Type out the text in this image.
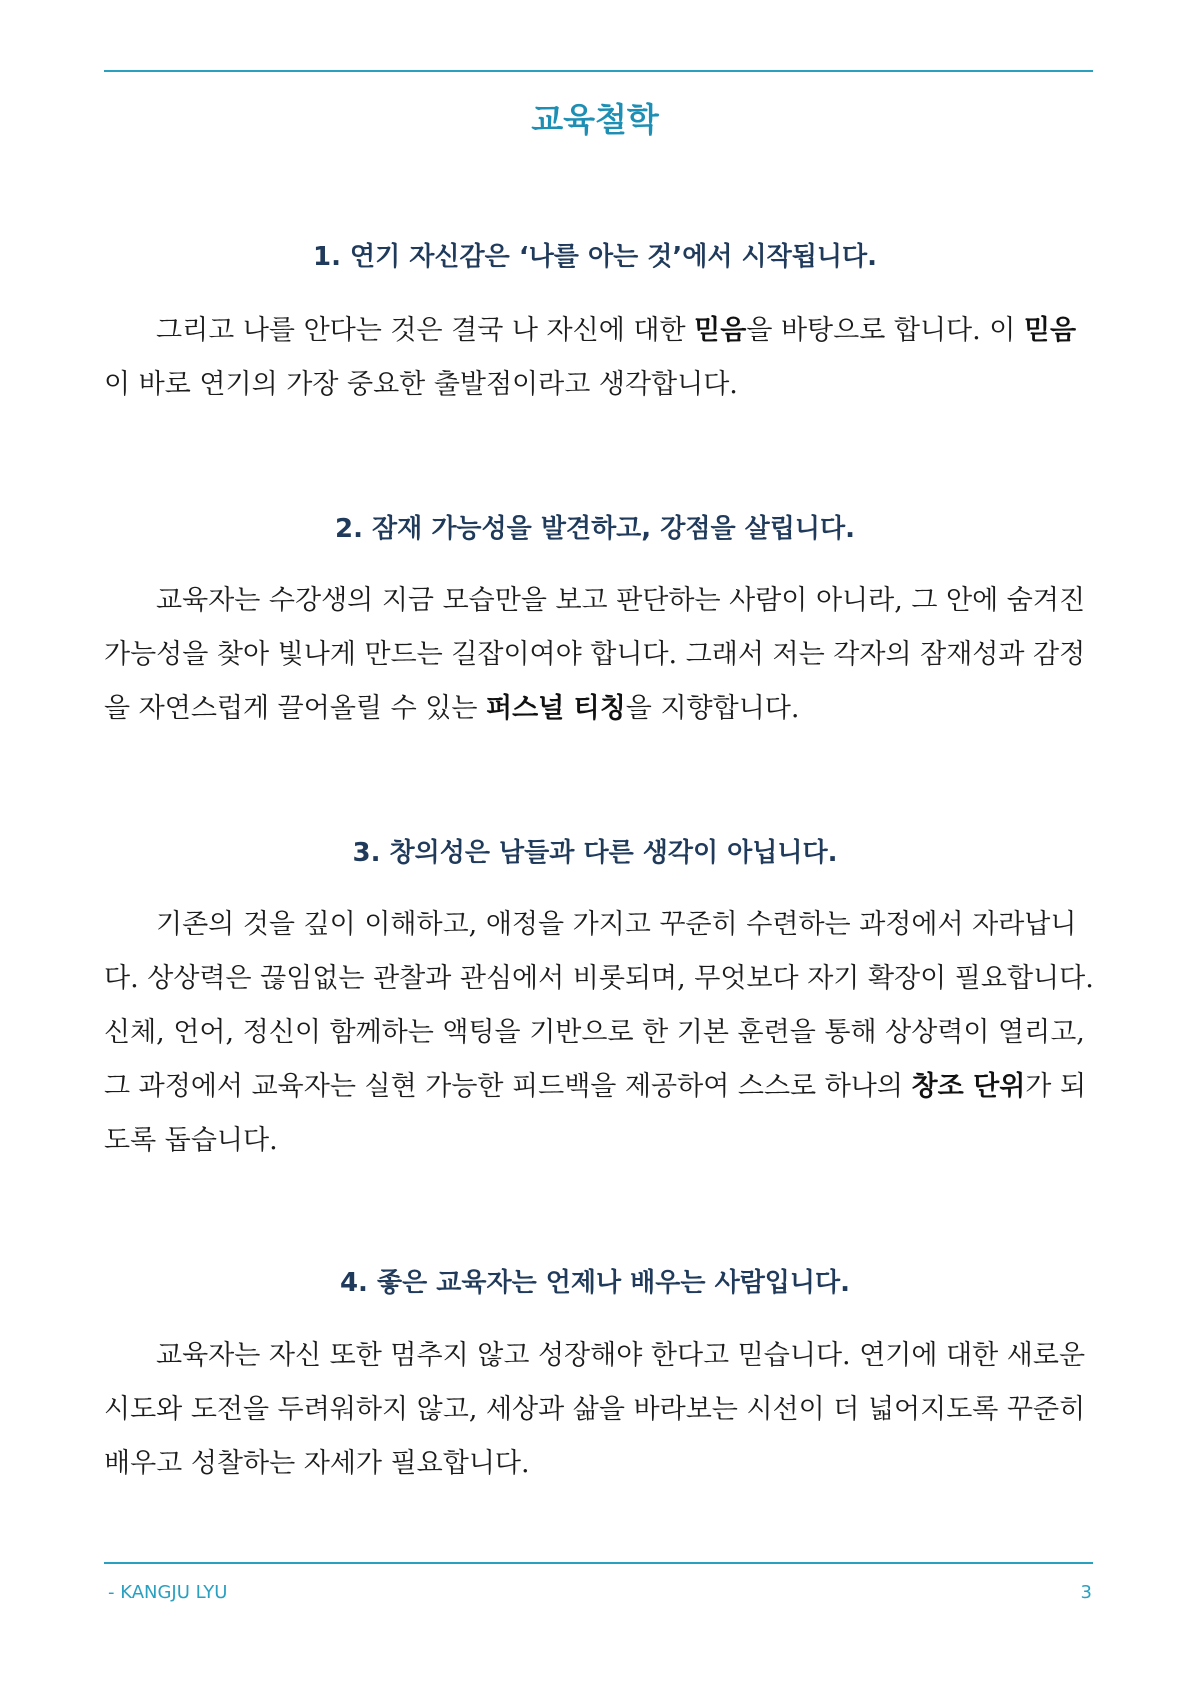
교육철학
1. 연기 자신감은 ‘나를 아는 것’에서 시작됩니다.

그리고 나를 안다는 것은 결국 나 자신에 대한 믿음을 바탕으로 합니다. 이 믿음이 바로 연기의 가장 중요한 출발점이라고 생각합니다.

2. 잠재 가능성을 발견하고, 강점을 살립니다.

교육자는 수강생의 지금 모습만을 보고 판단하는 사람이 아니라, 그 안에 숨겨진 가능성을 찾아 빛나게 만드는 길잡이여야 합니다. 그래서 저는 각자의 잠재성과 감정을 자연스럽게 끌어올릴 수 있는 퍼스널 티칭을 지향합니다.

3. 창의성은 남들과 다른 생각이 아닙니다.

기존의 것을 깊이 이해하고, 애정을 가지고 꾸준히 수련하는 과정에서 자라납니다. 상상력은 끊임없는 관찰과 관심에서 비롯되며, 무엇보다 자기 확장이 필요합니다. 신체, 언어, 정신이 함께하는 액팅을 기반으로 한 기본 훈련을 통해 상상력이 열리고, 그 과정에서 교육자는 실현 가능한 피드백을 제공하여 스스로 하나의 창조 단위가 되도록 돕습니다.

4. 좋은 교육자는 언제나 배우는 사람입니다.

교육자는 자신 또한 멈추지 않고 성장해야 한다고 믿습니다. 연기에 대한 새로운 시도와 도전을 두려워하지 않고, 세상과 삶을 바라보는 시선이 더 넓어지도록 꾸준히 배우고 성찰하는 자세가 필요합니다.

- KANGJU LYU	3
